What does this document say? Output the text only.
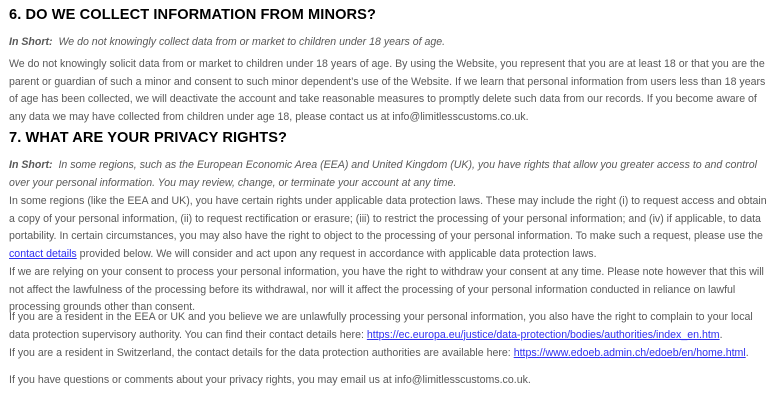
6. DO WE COLLECT INFORMATION FROM MINORS?

In Short: We do not knowingly collect data from or market to children under 18 years of age.

We do not knowingly solicit data from or market to children under 18 years of age. By using the Website, you represent that you are at least 18 or that you are the parent or guardian of such a minor and consent to such minor dependent’s use of the Website. If we learn that personal information from users less than 18 years of age has been collected, we will deactivate the account and take reasonable measures to promptly delete such data from our records. If you become aware of any data we may have collected from children under age 18, please contact us at info@limitlesscustoms.co.uk.

7. WHAT ARE YOUR PRIVACY RIGHTS?

In Short: In some regions, such as the European Economic Area (EEA) and United Kingdom (UK), you have rights that allow you greater access to and control over your personal information. You may review, change, or terminate your account at any time.

In some regions (like the EEA and UK), you have certain rights under applicable data protection laws. These may include the right (i) to request access and obtain a copy of your personal information, (ii) to request rectification or erasure; (iii) to restrict the processing of your personal information; and (iv) if applicable, to data portability. In certain circumstances, you may also have the right to object to the processing of your personal information. To make such a request, please use the contact details provided below. We will consider and act upon any request in accordance with applicable data protection laws.

If we are relying on your consent to process your personal information, you have the right to withdraw your consent at any time. Please note however that this will not affect the lawfulness of the processing before its withdrawal, nor will it affect the processing of your personal information conducted in reliance on lawful processing grounds other than consent.

If you are a resident in the EEA or UK and you believe we are unlawfully processing your personal information, you also have the right to complain to your local data protection supervisory authority. You can find their contact details here: https://ec.europa.eu/justice/data-protection/bodies/authorities/index_en.htm.

If you are a resident in Switzerland, the contact details for the data protection authorities are available here: https://www.edoeb.admin.ch/edoeb/en/home.html.

If you have questions or comments about your privacy rights, you may email us at info@limitlesscustoms.co.uk.
